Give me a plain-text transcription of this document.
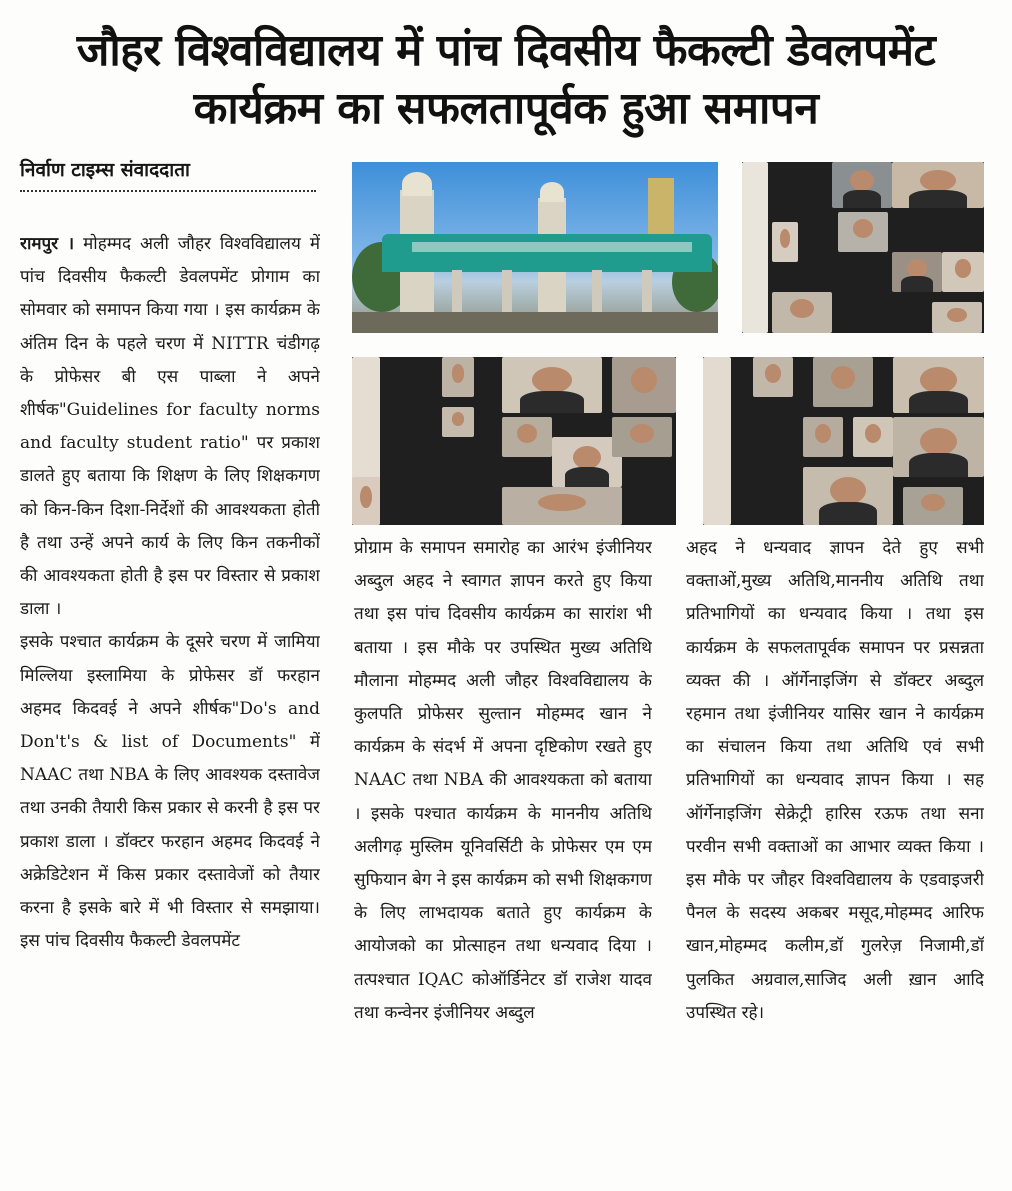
जौहर विश्वविद्यालय में पांच दिवसीय फैकल्टी डेवलपमेंट
कार्यक्रम का सफलतापूर्वक हुआ समापन
निर्वाण टाइम्स संवाददाता

रामपुर । मोहम्मद अली जौहर विश्वविद्यालय में पांच दिवसीय फैकल्टी डेवलपमेंट प्रोगाम का सोमवार को समापन किया गया । इस कार्यक्रम के अंतिम दिन के पहले चरण में NITTR चंडीगढ़ के प्रोफेसर बी एस पाब्ला ने अपने शीर्षक"Guidelines for faculty norms and faculty student ratio" पर प्रकाश डालते हुए बताया कि शिक्षण के लिए शिक्षकगण को किन-किन दिशा-निर्देशों की आवश्यकता होती है तथा उन्हें अपने कार्य के लिए किन तकनीकों की आवश्यकता होती है इस पर विस्तार से प्रकाश डाला ।

इसके पश्चात कार्यक्रम के दूसरे चरण में जामिया मिल्लिया इस्लामिया के प्रोफेसर डॉ फरहान अहमद किदवई ने अपने शीर्षक"Do's and Don't's & list of Documents" में NAAC तथा NBA के लिए आवश्यक दस्तावेज तथा उनकी तैयारी किस प्रकार से करनी है इस पर प्रकाश डाला । डॉक्टर फरहान अहमद किदवई ने अक्रेडिटेशन में किस प्रकार दस्तावेजों को तैयार करना है इसके बारे में भी विस्तार से समझाया। इस पांच दिवसीय फैकल्टी डेवलपमेंट

प्रोग्राम के समापन समारोह का आरंभ इंजीनियर अब्दुल अहद ने स्वागत ज्ञापन करते हुए किया तथा इस पांच दिवसीय कार्यक्रम का सारांश भी बताया । इस मौके पर उपस्थित मुख्य अतिथि मौलाना मोहम्मद अली जौहर विश्वविद्यालय के कुलपति प्रोफेसर सुल्तान मोहम्मद खान ने कार्यक्रम के संदर्भ में अपना दृष्टिकोण रखते हुए NAAC तथा NBA की आवश्यकता को बताया । इसके पश्चात कार्यक्रम के माननीय अतिथि अलीगढ़ मुस्लिम यूनिवर्सिटी के प्रोफेसर एम एम सुफियान बेग ने इस कार्यक्रम को सभी शिक्षकगण के लिए लाभदायक बताते हुए कार्यक्रम के आयोजको का प्रोत्साहन तथा धन्यवाद दिया । तत्पश्चात IQAC कोऑर्डिनेटर डॉ राजेश यादव तथा कन्वेनर इंजीनियर अब्दुल

अहद ने धन्यवाद ज्ञापन देते हुए सभी वक्ताओं,मुख्य अतिथि,माननीय अतिथि तथा प्रतिभागियों का धन्यवाद किया । तथा इस कार्यक्रम के सफलतापूर्वक समापन पर प्रसन्नता व्यक्त की । ऑर्गेनाइजिंग से डॉक्टर अब्दुल रहमान तथा इंजीनियर यासिर खान ने कार्यक्रम का संचालन किया तथा अतिथि एवं सभी प्रतिभागियों का धन्यवाद ज्ञापन किया । सह ऑर्गेनाइजिंग सेक्रेट्री हारिस रऊफ तथा सना परवीन सभी वक्ताओं का आभार व्यक्त किया । इस मौके पर जौहर विश्वविद्यालय के एडवाइजरी पैनल के सदस्य अकबर मसूद,मोहम्मद आरिफ खान,मोहम्मद कलीम,डॉ गुलरेज़ निजामी,डॉ पुलकित अग्रवाल,साजिद अली ख़ान आदि उपस्थित रहे।
